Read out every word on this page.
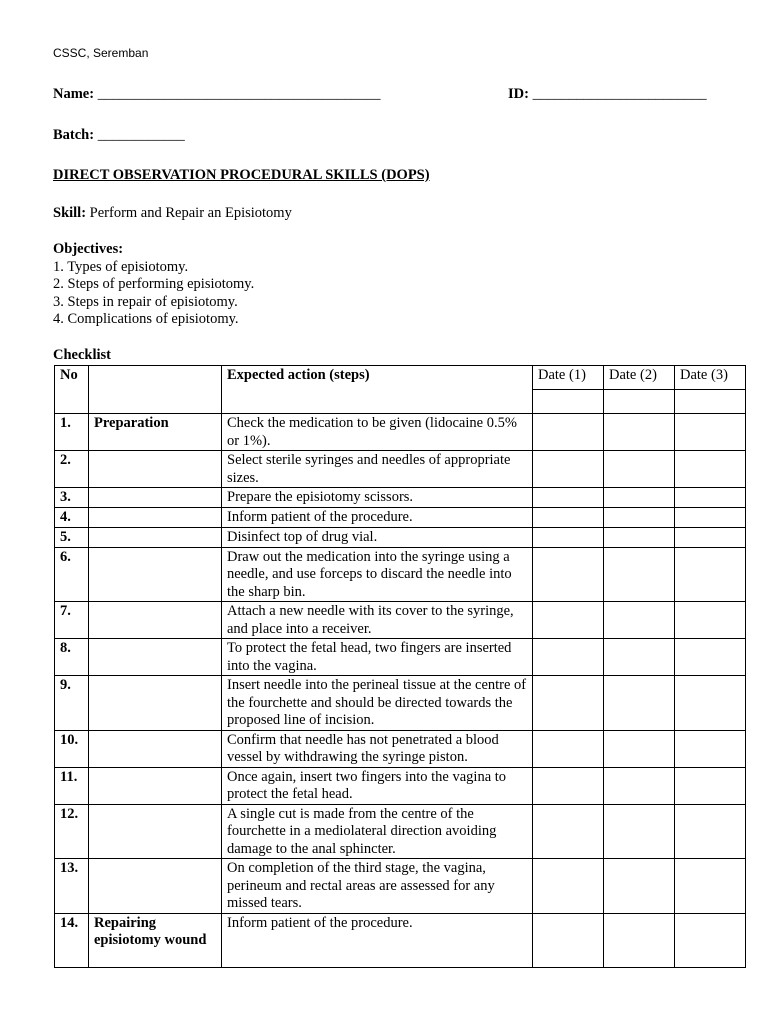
CSSC, Seremban
Name: _______________________________________	ID: ________________________
Batch: ____________
DIRECT OBSERVATION PROCEDURAL SKILLS (DOPS)
Skill: Perform and Repair an Episiotomy
Objectives:
1. Types of episiotomy.
2. Steps of performing episiotomy.
3. Steps in repair of episiotomy.
4. Complications of episiotomy.
Checklist
No		Expected action (steps)	Date (1)	Date (2)	Date (3)

1.	Preparation	Check the medication to be given (lidocaine 0.5% or 1%).			
2.		Select sterile syringes and needles of appropriate sizes.			
3.		Prepare the episiotomy scissors.			
4.		Inform patient of the procedure.			
5.		Disinfect top of drug vial.			
6.		Draw out the medication into the syringe using a needle, and use forceps to discard the needle into the sharp bin.			
7.		Attach a new needle with its cover to the syringe, and place into a receiver.			
8.		To protect the fetal head, two fingers are inserted into the vagina.			
9.		Insert needle into the perineal tissue at the centre of the fourchette and should be directed towards the proposed line of incision.			
10.		Confirm that needle has not penetrated a blood vessel by withdrawing the syringe piston.			
11.		Once again, insert two fingers into the vagina to protect the fetal head.			
12.		A single cut is made from the centre of the fourchette in a mediolateral direction avoiding damage to the anal sphincter.			
13.		On completion of the third stage, the vagina, perineum and rectal areas are assessed for any missed tears.			
14.	Repairing episiotomy wound	Inform patient of the procedure.			
